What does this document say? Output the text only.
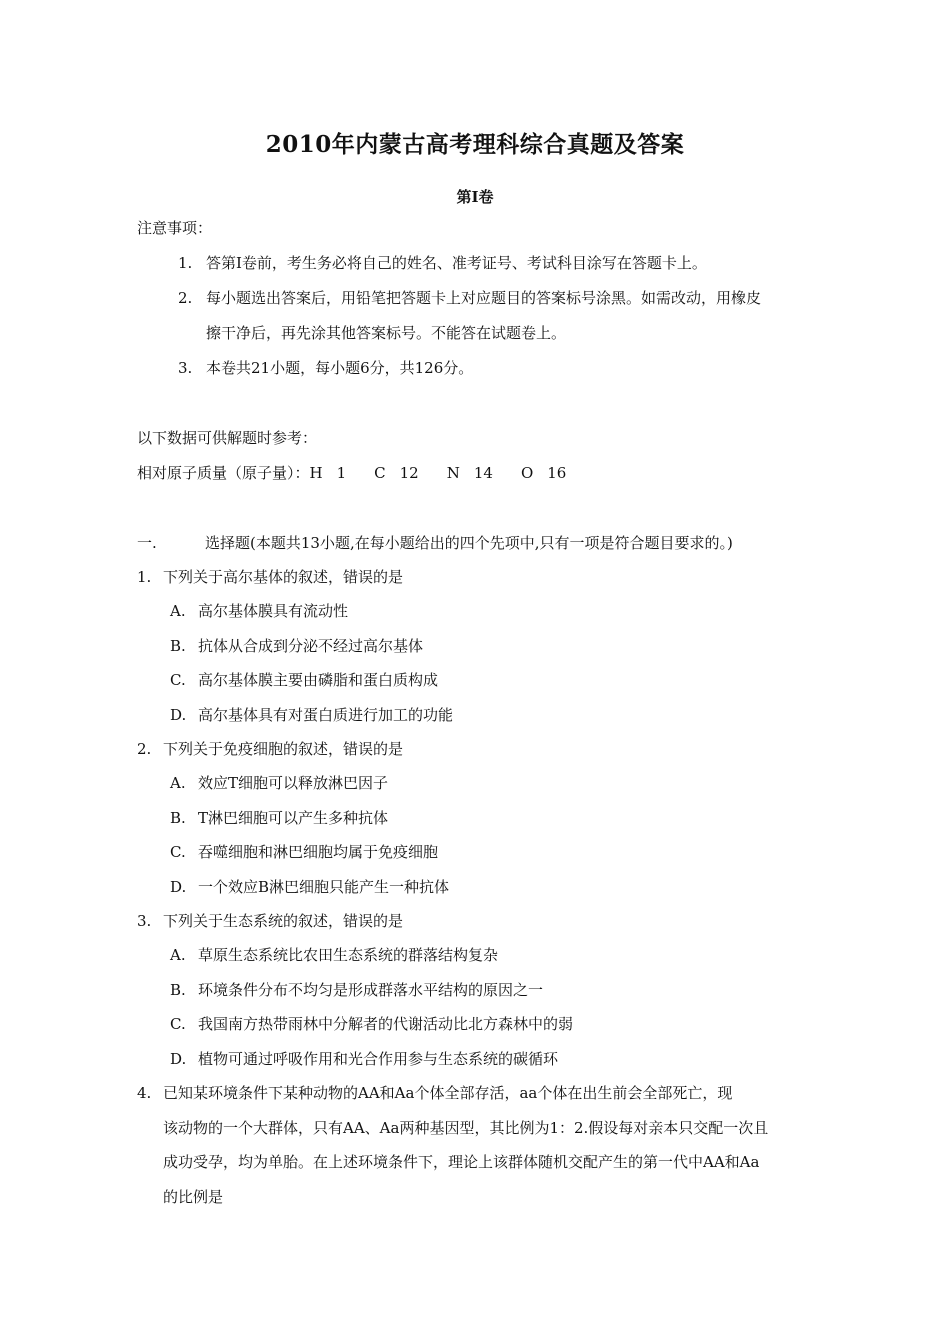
2010年内蒙古高考理科综合真题及答案
第Ⅰ卷
注意事项：
1. 答第Ⅰ卷前，考生务必将自己的姓名、准考证号、考试科目涂写在答题卡上。
2. 每小题选出答案后，用铅笔把答题卡上对应题目的答案标号涂黑。如需改动，用橡皮
擦干净后，再先涂其他答案标号。不能答在试题卷上。
3. 本卷共21小题，每小题6分，共126分。
以下数据可供解题时参考：
相对原子质量（原子量）：H 1 C 12 N 14 O 16
一.	选择题(本题共13小题,在每小题给出的四个先项中,只有一项是符合题目要求的。)
1. 下列关于高尔基体的叙述，错误的是
A. 高尔基体膜具有流动性
B. 抗体从合成到分泌不经过高尔基体
C. 高尔基体膜主要由磷脂和蛋白质构成
D. 高尔基体具有对蛋白质进行加工的功能
2. 下列关于免疫细胞的叙述，错误的是
A. 效应T细胞可以释放淋巴因子
B. T淋巴细胞可以产生多种抗体
C. 吞噬细胞和淋巴细胞均属于免疫细胞
D. 一个效应B淋巴细胞只能产生一种抗体
3. 下列关于生态系统的叙述，错误的是
A. 草原生态系统比农田生态系统的群落结构复杂
B. 环境条件分布不均匀是形成群落水平结构的原因之一
C. 我国南方热带雨林中分解者的代谢活动比北方森林中的弱
D. 植物可通过呼吸作用和光合作用参与生态系统的碳循环
4. 已知某环境条件下某种动物的AA和Aa个体全部存活，aa个体在出生前会全部死亡，现
该动物的一个大群体，只有AA、Aa两种基因型，其比例为1：2.假设每对亲本只交配一次且
成功受孕，均为单胎。在上述环境条件下，理论上该群体随机交配产生的第一代中AA和Aa
的比例是
